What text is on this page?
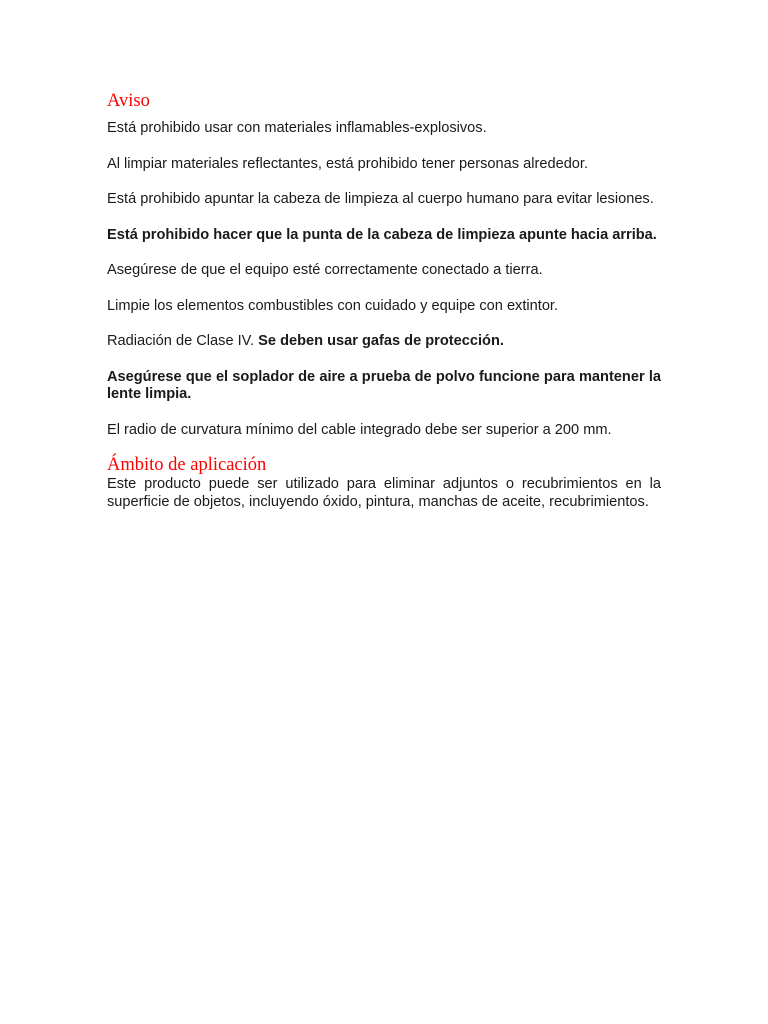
Aviso

Está prohibido usar con materiales inflamables-explosivos.

Al limpiar materiales reflectantes, está prohibido tener personas alrededor.

Está prohibido apuntar la cabeza de limpieza al cuerpo humano para evitar lesiones.

Está prohibido hacer que la punta de la cabeza de limpieza apunte hacia arriba.

Asegúrese de que el equipo esté correctamente conectado a tierra.

Limpie los elementos combustibles con cuidado y equipe con extintor.

Radiación de Clase IV. Se deben usar gafas de protección.

Asegúrese que el soplador de aire a prueba de polvo funcione para mantener la lente limpia.

El radio de curvatura mínimo del cable integrado debe ser superior a 200 mm.

Ámbito de aplicación

Este producto puede ser utilizado para eliminar adjuntos o recubrimientos en la superficie de objetos, incluyendo óxido, pintura, manchas de aceite, recubrimientos.
